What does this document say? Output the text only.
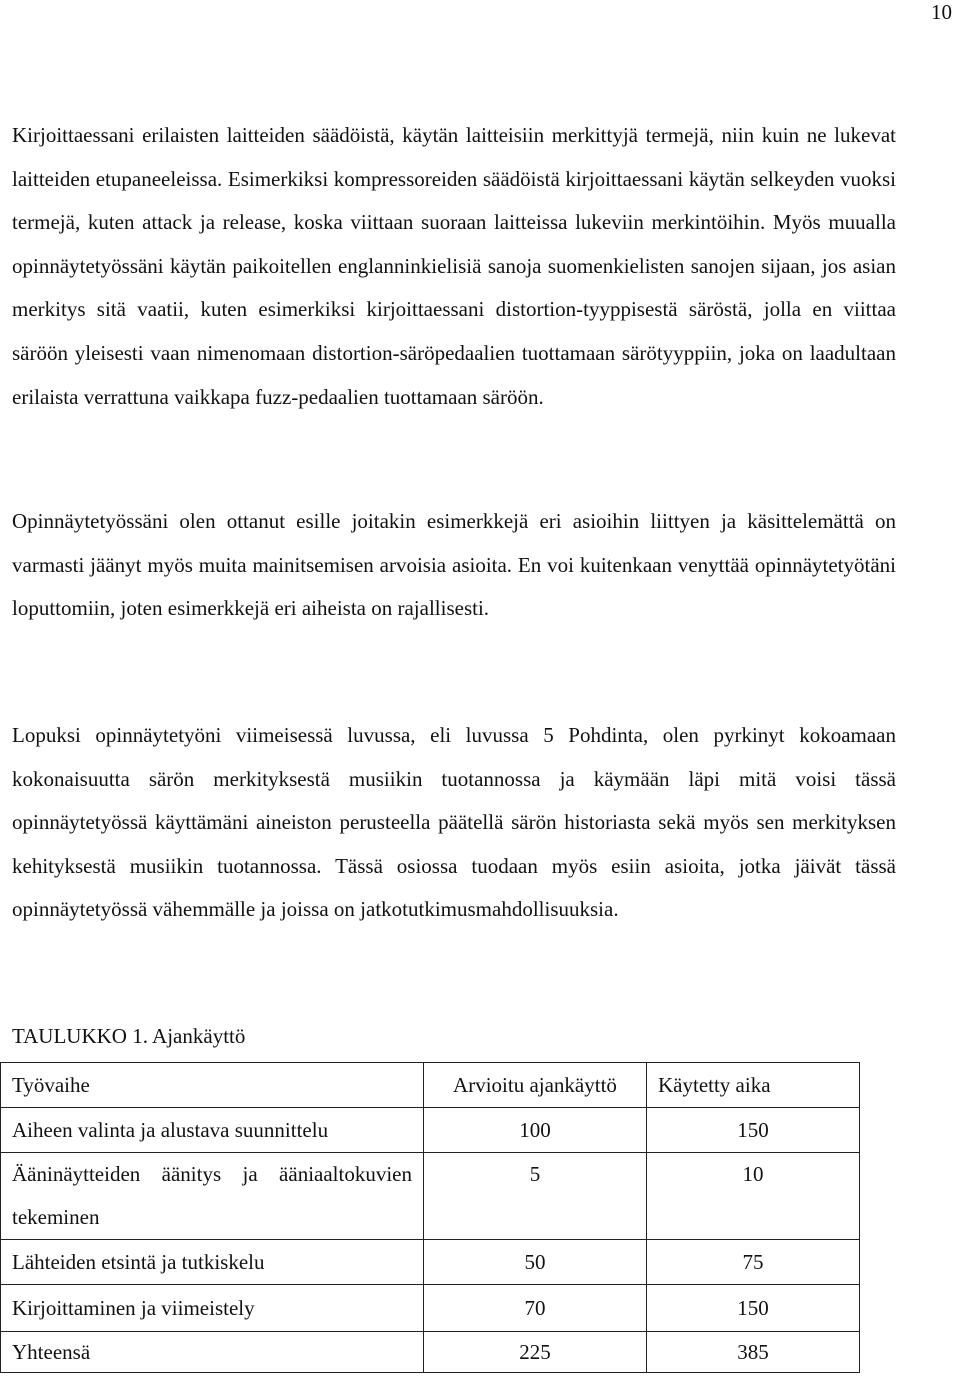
10

Kirjoittaessani erilaisten laitteiden säädöistä, käytän laitteisiin merkittyjä termejä, niin kuin ne lukevat laitteiden etupaneeleissa. Esimerkiksi kompressoreiden säädöistä kirjoittaessani käytän selkeyden vuoksi termejä, kuten attack ja release, koska viittaan suoraan laitteissa lukeviin merkintöihin. Myös muualla opinnäytetyössäni käytän paikoitellen englanninkielisiä sanoja suomenkielisten sanojen sijaan, jos asian merkitys sitä vaatii, kuten esimerkiksi kirjoittaessani distortion-tyyppisestä säröstä, jolla en viittaa säröön yleisesti vaan nimenomaan distortion-säröpedaalien tuottamaan särötyyppiin, joka on laadultaan erilaista verrattuna vaikkapa fuzz-pedaalien tuottamaan säröön.

Opinnäytetyössäni olen ottanut esille joitakin esimerkkejä eri asioihin liittyen ja käsittelemättä on varmasti jäänyt myös muita mainitsemisen arvoisia asioita. En voi kuitenkaan venyttää opinnäytetyötäni loputtomiin, joten esimerkkejä eri aiheista on rajallisesti.

Lopuksi opinnäytetyöni viimeisessä luvussa, eli luvussa 5 Pohdinta, olen pyrkinyt kokoamaan kokonaisuutta särön merkityksestä musiikin tuotannossa ja käymään läpi mitä voisi tässä opinnäytetyössä käyttämäni aineiston perusteella päätellä särön historiasta sekä myös sen merkityksen kehityksestä musiikin tuotannossa. Tässä osiossa tuodaan myös esiin asioita, jotka jäivät tässä opinnäytetyössä vähemmälle ja joissa on jatkotutkimusmahdollisuuksia.

TAULUKKO 1. Ajankäyttö

Työvaihe	Arvioitu ajankäyttö	Käytetty aika
Aiheen valinta ja alustava suunnittelu	100	150

Ääninäytteiden äänitys ja ääniaaltokuvien tekeminen	5	10
Lähteiden etsintä ja tutkiskelu	50	75
Kirjoittaminen ja viimeistely	70	150
Yhteensä	225	385
